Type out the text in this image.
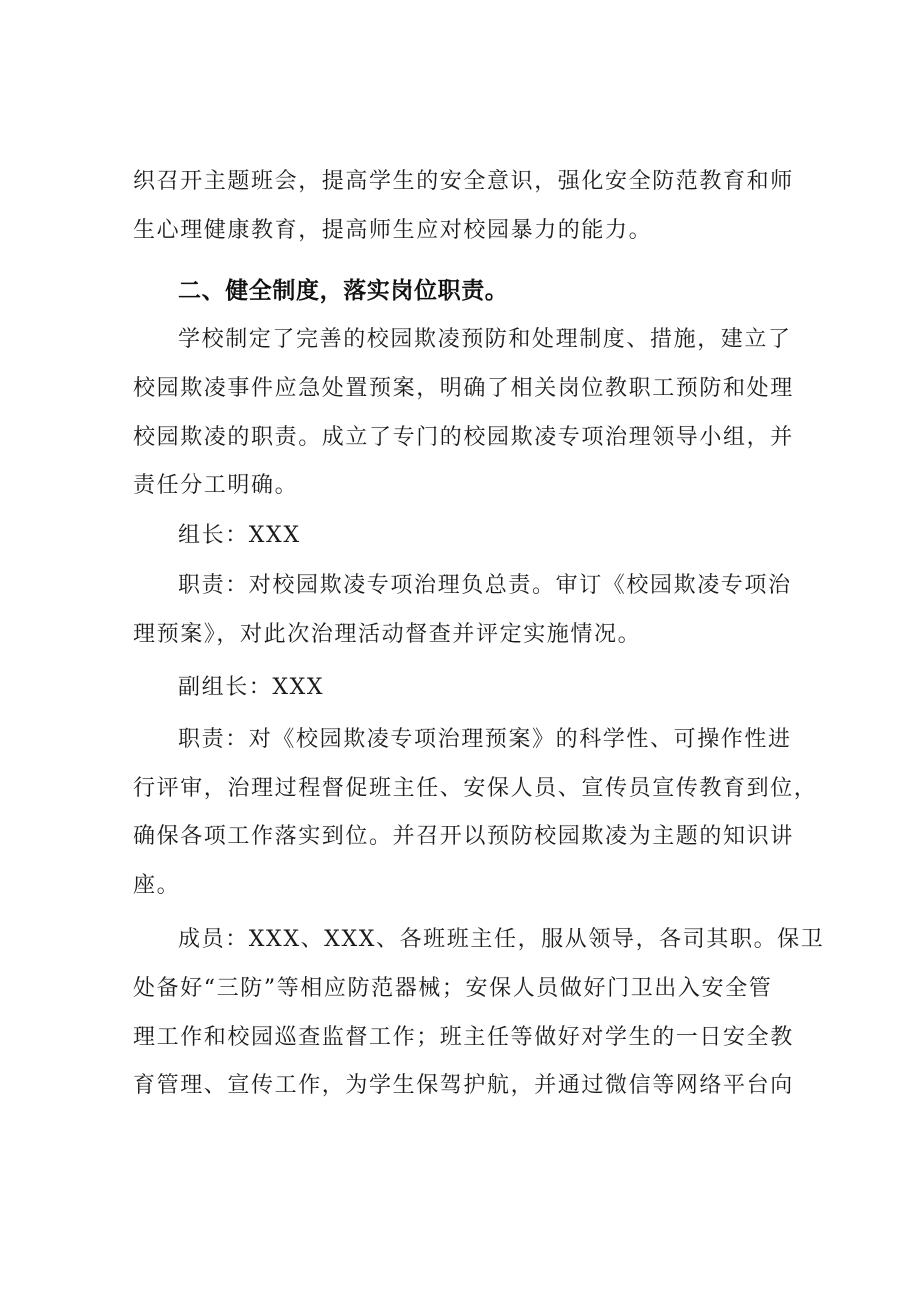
织召开主题班会，提高学生的安全意识，强化安全防范教育和师

生心理健康教育，提高师生应对校园暴力的能力。

二、健全制度，落实岗位职责。

学校制定了完善的校园欺凌预防和处理制度、措施，建立了

校园欺凌事件应急处置预案，明确了相关岗位教职工预防和处理

校园欺凌的职责。成立了专门的校园欺凌专项治理领导小组，并

责任分工明确。

组长：XXX

职责：对校园欺凌专项治理负总责。审订《校园欺凌专项治

理预案》，对此次治理活动督查并评定实施情况。

副组长：XXX

职责：对《校园欺凌专项治理预案》的科学性、可操作性进

行评审，治理过程督促班主任、安保人员、宣传员宣传教育到位，

确保各项工作落实到位。并召开以预防校园欺凌为主题的知识讲

座。

成员：XXX、XXX、各班班主任，服从领导，各司其职。保卫

处备好“三防”等相应防范器械；安保人员做好门卫出入安全管

理工作和校园巡查监督工作；班主任等做好对学生的一日安全教

育管理、宣传工作，为学生保驾护航，并通过微信等网络平台向
